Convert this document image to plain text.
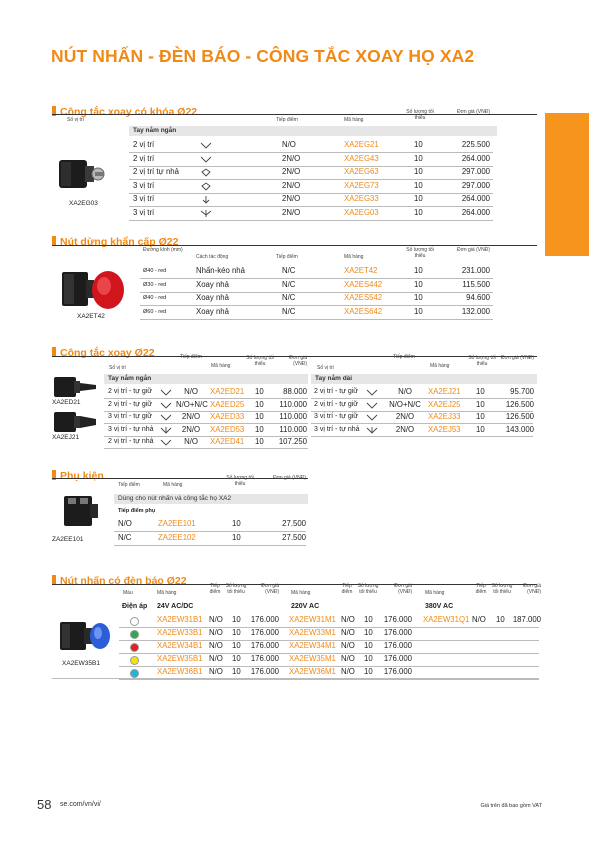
NÚT NHẤN - ĐÈN BÁO - CÔNG TẮC XOAY HỌ XA2
Công tắc xoay có khóa Ø22
Số vị trí	Tiếp điểm	Mã hàng
Số lượng tối thiểu
Đơn giá (VNĐ)
Tay nắm ngắn
XA2EG03
Nút dừng khẩn cấp Ø22
Đường kính (mm)
Cách tác động	Tiếp điểm	Mã hàng
Số lượng tối thiểu
Đơn giá (VNĐ)
XA2ET42
Công tắc xoay Ø22
Số vị trí
Tiếp điểm
Mã hàng
Số lượng tối thiểu
Đơn giá (VNĐ)
Số vị trí
Tiếp điểm
Mã hàng
Số lượng tối thiểu
Đơn giá (VNĐ)
Tay nắm ngắn	Tay nắm dài
XA2ED21
XA2EJ21
Phụ kiện
Tiếp điểm	Mã hàng
Số lượng tối thiểu
Đơn giá (VNĐ)
Dùng cho nút nhấn và công tắc họ XA2
Tiếp điểm phụ
ZA2EE101
Nút nhấn có đèn báo Ø22
Màu	Mã hàng
Tiếp điểm
Số lượng tối thiểu
Đơn giá (VNĐ) Mã hàng
Tiếp điểm
Số lượng tối thiểu
Đơn giá (VNĐ)	Mã hàng
Tiếp điểm
Số lượng tối thiểu
Đơn giá (VNĐ)
Điện áp 24V AC/DC	220V AC	380V AC
XA2EW35B1
58 se.com/vn/vi/	Giá trên đã bao gồm VAT
2 vị trí	N/O	XA2EG21	10	225.500
2 vị trí	2N/O	XA2EG43	10	264.000
2 vị trí tự nhả	2N/O	XA2EG63	10	297.000
3 vị trí	2N/O	XA2EG73	10	297.000
3 vị trí	2N/O	XA2EG33	10	264.000
3 vị trí	2N/O	XA2EG03	10	264.000
Ø40 - red	Nhấn-kéo nhả	N/C	XA2ET42	10	231.000
Ø30 - red	Xoay nhả	N/C	XA2ES442	10	115.500
Ø40 - red	Xoay nhả	N/C	XA2ES542	10	94.600
Ø60 - red	Xoay nhả	N/C	XA2ES642	10	132.000
2 vị trí - tự giữ	N/O	XA2ED21 10	88.000
2 vị trí - tự giữ	N/O+N/C XA2ED25 10	110.000
3 vị trí - tự giữ	2N/O	XA2ED33 10	110.000
3 vị trí - tự nhả	2N/O	XA2ED53 10	110.000
2 vị trí - tự nhả	N/O	XA2ED41 10	107.250
2 vị trí - tự giữ	N/O	XA2EJ21 10	95.700
2 vị trí - tự giữ	N/O+N/C XA2EJ25 10	126.500
3 vị trí - tự giữ	2N/O	XA2EJ33 10	126.500
3 vị trí - tự nhả	2N/O	XA2EJ53 10	143.000
N/O	ZA2EE101	10	27.500
N/C	ZA2EE102	10	27.500
XA2EW31B1 N/O 10 176.000 XA2EW31M1 N/O 10 176.000 XA2EW31Q1 N/O 10	187.000
XA2EW33B1 N/O 10 176.000 XA2EW33M1 N/O 10 176.000
XA2EW34B1 N/O 10 176.000 XA2EW34M1 N/O 10 176.000
XA2EW35B1 N/O 10 176.000 XA2EW35M1 N/O 10 176.000
XA2EW36B1 N/O 10 176.000 XA2EW36M1 N/O 10 176.000
